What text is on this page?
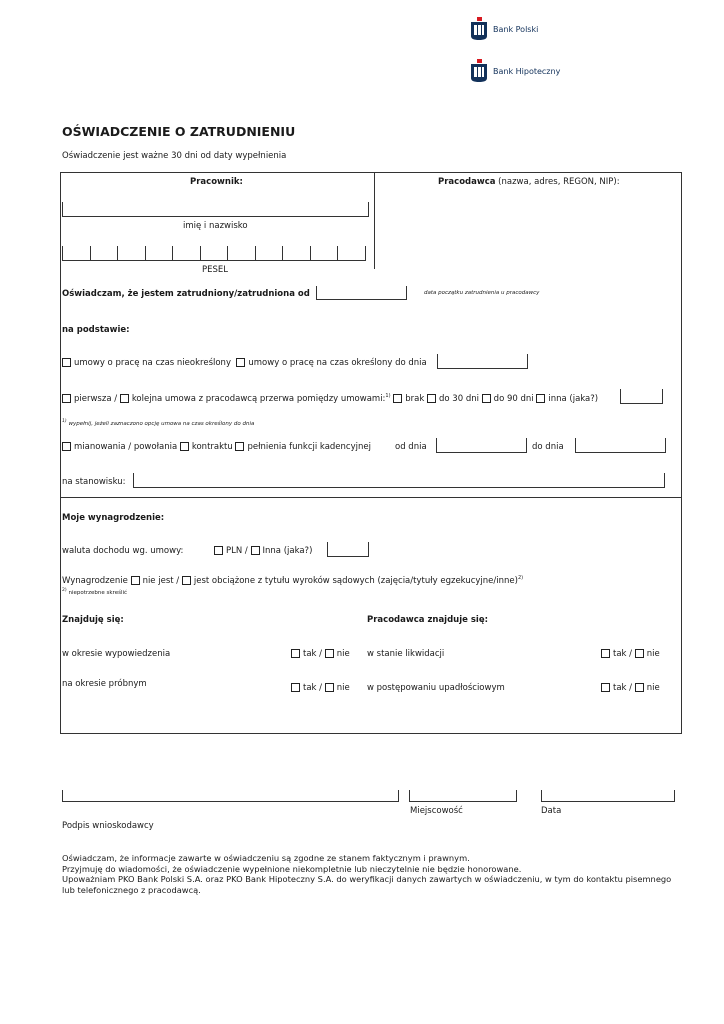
Bank Polski
Bank Hipoteczny
OŚWIADCZENIE O ZATRUDNIENIU
Oświadczenie jest ważne 30 dni od daty wypełnienia
Pracownik:	Pracodawca (nazwa, adres, REGON, NIP):
imię i nazwisko
PESEL
Oświadczam, że jestem zatrudniony/zatrudniona od	data początku zatrudnienia u pracodawcy
na podstawie:
umowy o pracę na czas nieokreślony umowy o pracę na czas określony do dnia
pierwsza / kolejna umowa z pracodawcą przerwa pomiędzy umowami:$^{1)}$ brak do 30 dni do 90 dni inna (jaka?)
$^{1)}$ wypełnij, jeżeli zaznaczono opcję umowa na czas określony do dnia
mianowania / powołania kontraktu pełnienia funkcji kadencyjnej	od dnia	do dnia
na stanowisku:
Moje wynagrodzenie:
waluta dochodu wg. umowy:	PLN / Inna (jaka?)
Wynagrodzenie nie jest / jest obciążone z tytułu wyroków sądowych (zajęcia/tytuły egzekucyjne/inne)$^{2)}$
$^{2)}$ niepotrzebne skreślić
Znajduję się:	Pracodawca znajduje się:
w okresie wypowiedzenia	tak / nie w stanie likwidacji	tak / nie
na okresie próbnym	tak / nie w postępowaniu upadłościowym	tak / nie
Miejscowość	Data
Podpis wnioskodawcy
Oświadczam, że informacje zawarte w oświadczeniu są zgodne ze stanem faktycznym i prawnym.
Przyjmuję do wiadomości, że oświadczenie wypełnione niekompletnie lub nieczytelnie nie będzie honorowane.
Upoważniam PKO Bank Polski S.A. oraz PKO Bank Hipoteczny S.A. do weryfikacji danych zawartych w oświadczeniu, w tym do kontaktu pisemnego
lub telefonicznego z pracodawcą.
